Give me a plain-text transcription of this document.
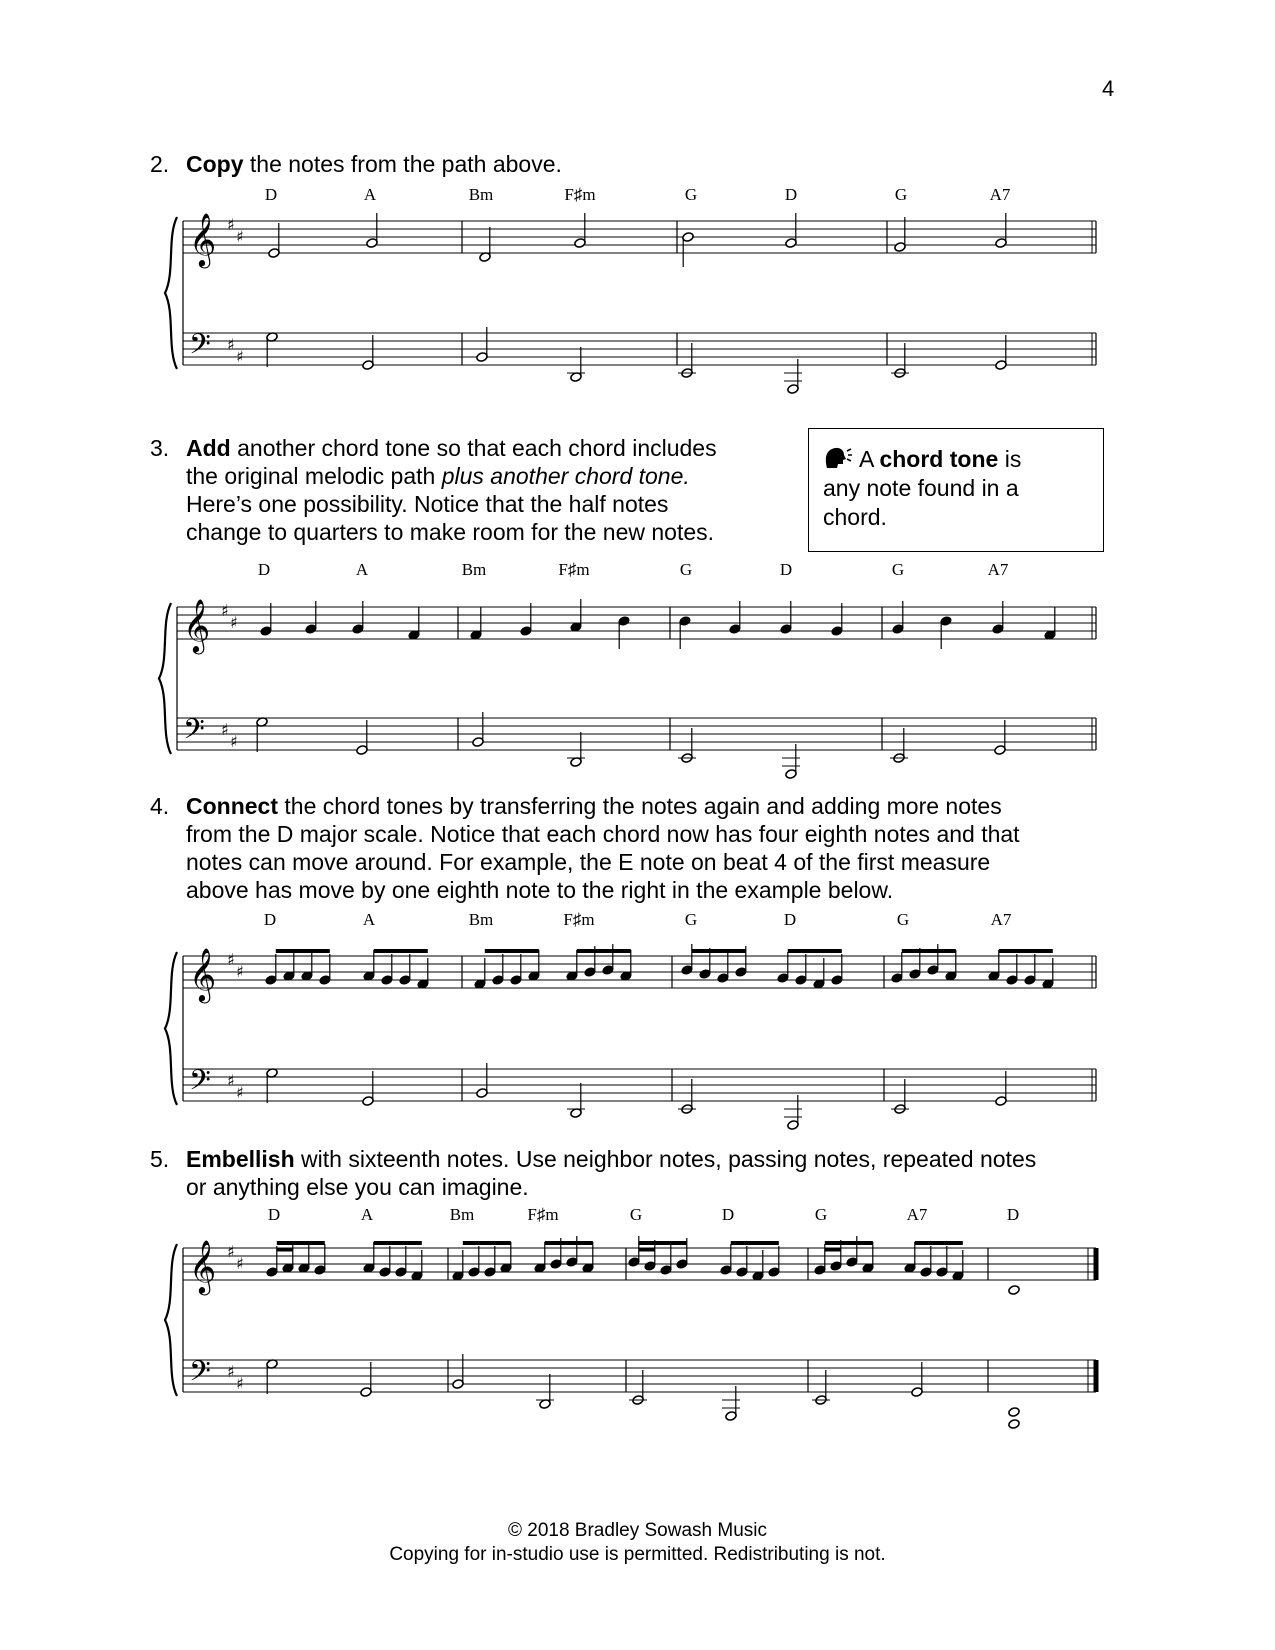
4
2. Copy the notes from the path above.
3. Add another chord tone so that each chord includes
the original melodic path plus another chord tone.
Here’s one possibility. Notice that the half notes
change to quarters to make room for the new notes.
A chord tone is
any note found in a
chord.
4. Connect the chord tones by transferring the notes again and adding more notes
from the D major scale. Notice that each chord now has four eighth notes and that
notes can move around. For example, the E note on beat 4 of the first measure
above has move by one eighth note to the right in the example below.
5. Embellish with sixteenth notes. Use neighbor notes, passing notes, repeated notes
or anything else you can imagine.
𝄞
𝄢
♯
♯
♯
♯
D	A	Bm	F♯m	G	D	G	A7
𝄞
𝄢
♯
♯
♯
♯
D	A	Bm	F♯m	G	D	G	A7
𝄞
𝄢
♯
♯
♯
♯
D	A	Bm	F♯m	G	D	G	A7
𝄞
𝄢
♯
♯
♯
♯
D	A	Bm	F♯m	G	D	G	A7	D
© 2018 Bradley Sowash Music
Copying for in-studio use is permitted. Redistributing is not.
